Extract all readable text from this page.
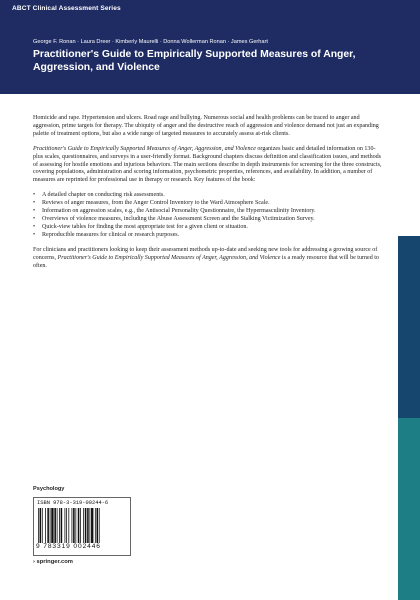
ABCT Clinical Assessment Series
George F. Ronan · Laura Dreer · Kimberly Maurelli · Donna Wollerman Ronan · James Gerhart
Practitioner's Guide to Empirically Supported Measures of Anger, Aggression, and Violence

Homicide and rape. Hypertension and ulcers. Road rage and bullying. Numerous social and health problems can be traced to anger and aggression, prime targets for therapy. The ubiquity of anger and the destructive reach of aggression and violence demand not just an expanding palette of treatment options, but also a wide range of targeted measures to accurately assess at-risk clients.

Practitioner's Guide to Empirically Supported Measures of Anger, Aggression, and Violence organizes basic and detailed information on 130-plus scales, questionnaires, and surveys in a user-friendly format. Background chapters discuss definition and classification issues, and methods of assessing for hostile emotions and injurious behaviors. The main sections describe in depth instruments for screening for the three constructs, covering populations, administration and scoring information, psychometric properties, references, and availability. In addition, a number of measures are reprinted for professional use in therapy or research. Key features of the book:

• A detailed chapter on conducting risk assessments.
• Reviews of anger measures, from the Anger Control Inventory to the Ward Atmosphere Scale.
• Information on aggression scales, e.g., the Antisocial Personality Questionnaire, the Hypermasculinity Inventory.
• Overviews of violence measures, including the Abuse Assessment Screen and the Stalking Victimization Survey.
• Quick-view tables for finding the most appropriate test for a given client or situation.
• Reproducible measures for clinical or research purposes.

For clinicians and practitioners looking to keep their assessment methods up-to-date and seeking new tools for addressing a growing source of concerns, Practitioner's Guide to Empirically Supported Measures of Anger, Aggression, and Violence is a ready resource that will be turned to often.

Psychology
ISBN 978-3-319-00244-6
9 783319 002446
› springer.com
